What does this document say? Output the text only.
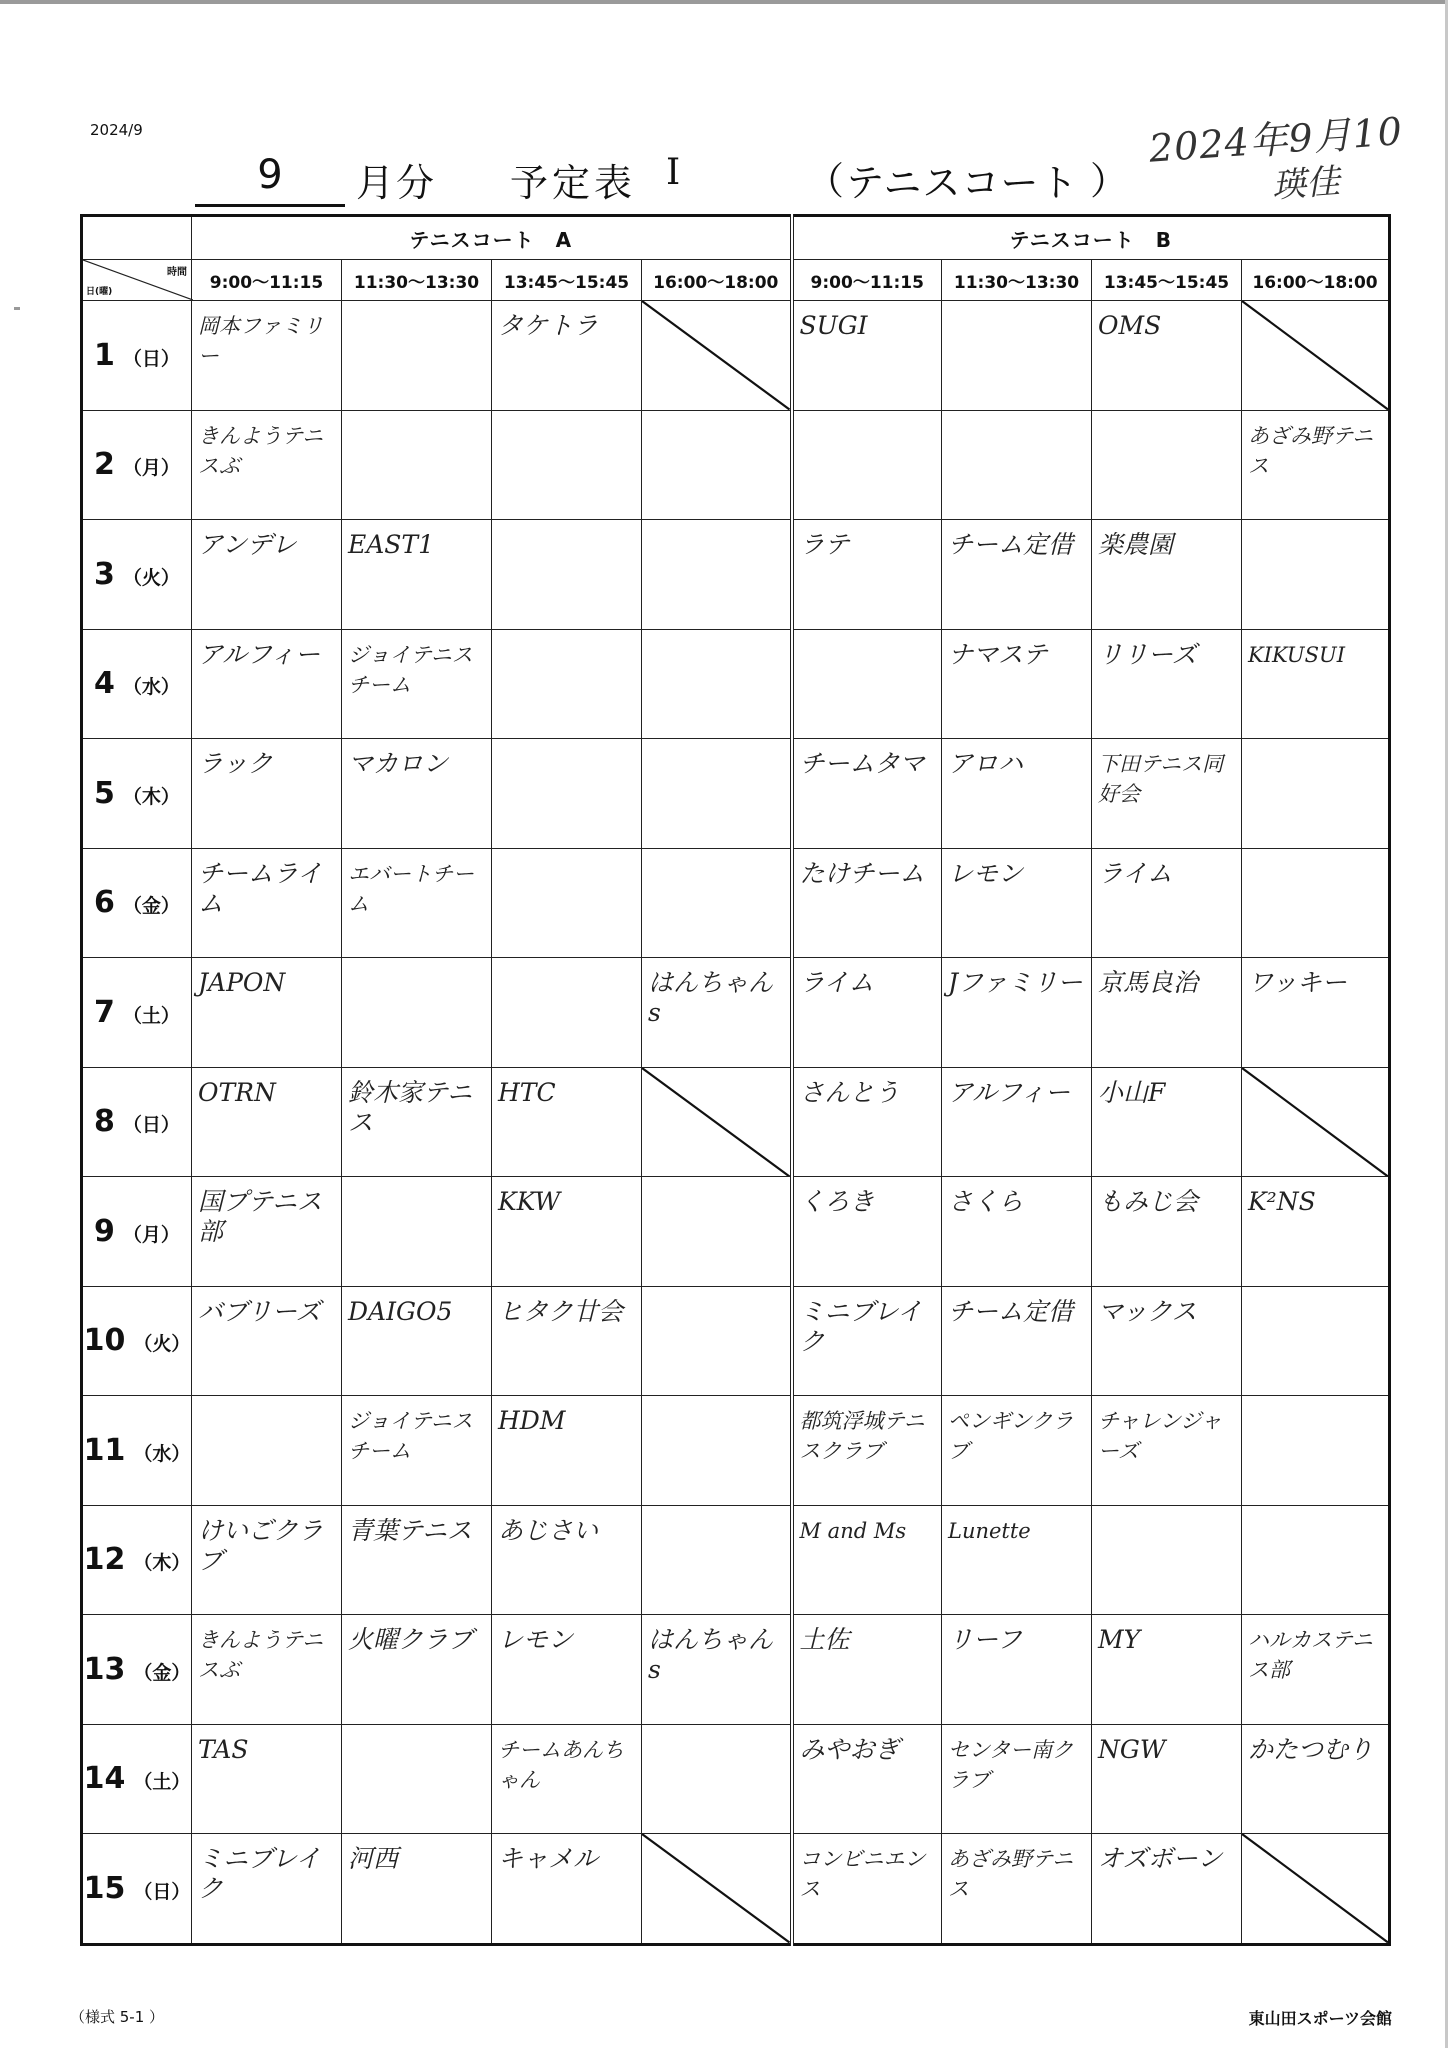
2024/9
9	月分 予定表 I	（ テニスコート ）
2024年9月10
瑛佳
	テニスコート　A				テニスコート　B			

時間
日(曜)	9:00～11:15	11:30～13:30	13:45～15:45	16:00～18:00	9:00～11:15	11:30～13:30	13:45～15:45	16:00～18:00
1 （日）	岡本ファミリー		タケトラ		SUGI		OMS

2 （月）	きんようテニスぶ							あざみ野テニス

3 （火）	アンデレ	EAST1			ラテ	チーム定借	楽農園	

4 （水）	アルフィー	ジョイテニスチーム				ナマステ	リリーズ	KIKUSUI

5 （木）	ラック	マカロン			チームタマ	アロハ	下田テニス同好会	

6 （金）	チームライム	エバートチーム			たけチーム	レモン	ライム	

7 （土）	JAPON			はんちゃんs	ライム	Jファミリー	京馬良治	ワッキー

8 （日）	OTRN	鈴木家テニス	HTC		さんとう	アルフィー	小山F

9 （月）	国プテニス部		KKW		くろき	さくら	もみじ会	K²NS

10 （火）	バブリーズ	DAIGO5	ヒタク廿会		ミニブレイク	チーム定借	マックス	

11 （水）		ジョイテニスチーム	HDM		都筑浮城テニスクラブ	ペンギンクラブ	チャレンジャーズ	

12 （木）	けいごクラブ	青葉テニス	あじさい		M and Ms	Lunette		

13 （金）	きんようテニスぶ	火曜クラブ	レモン	はんちゃんs	土佐	リーフ	MY	ハルカステニス部

14 （土）	TAS		チームあんちゃん		みやおぎ	センター南クラブ	NGW	かたつむり

15 （日）	ミニブレイク	河西	キャメル		コンビニエンス	あざみ野テニス	オズボーン

（様式 5-1 ）	東山田スポーツ会館
